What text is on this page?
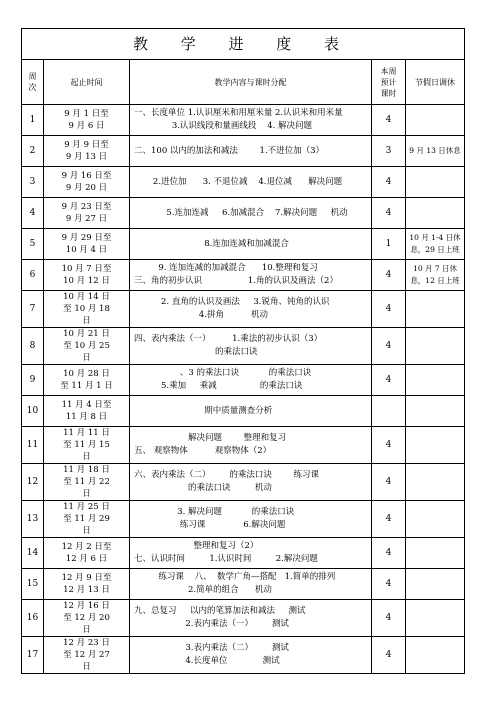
教 学 进 度 表				

周
次	起止时间	教学内容与课时分配	本周
预计
课时	节假日调休
1	9 月 1 日至
9 月 6 日	一、长度单位 1.认识厘米和用厘米量 2.认识米和用米量
3.认识线段和量画线段    4. 解决问题	4	
2	9 月 9 日至
9 月 13 日	二、100 以内的加法和减法        1.不进位加（3）	3	9 月 13 日休息

3	9 月 16 日至
9 月 20 日	2.进位加      3. 不退位减    4.退位减      解决问题	4	
4	9 月 23 日至
9 月 27 日	5.连加连减     6.加减混合    7.解决问题     机动	4	
5	9 月 29 日至
10 月 4 日	8.连加连减和加减混合	1	10 月 1-4 日休
息，29 日上班

6	10 月 7 日至
10 月 12 日	9. 连加连减的加减混合      10.整理和复习
三、角的初步认识                 1.角的认识及画法（2）	4	10 月 7 日休
息，12 日上班

7	10 月 14 日
至 10 月 18
日	2. 直角的认识及画法     3.锐角、钝角的认识
4.拼角          机动	4	
8	10 月 21 日
至 10 月 25
日	四、表内乘法（一）        1.乘法的初步认识（3）
的乘法口诀	4	
9	10 月 28 日
至 11 月 1 日	、3 的乘法口诀           的乘法口诀
5.乘加     乘减                的乘法口诀	4	
10	11 月 4 日至
11 月 8 日	期中质量测查分析		

11	11 月 11 日
至 11 月 15
日	解决问题        整理和复习
五、 观察物体          观察物体（2）	4	
12	11 月 18 日
至 11 月 22
日	六、表内乘法（二）       的乘法口诀        练习课
的乘法口诀         机动	4	
13	11 月 25 日
至 11 月 29
日	3. 解决问题           的乘法口诀
练习课              6.解决问题	4	
14	12 月 2 日至
12 月 6 日	整理和复习（2）
七、认识时间         1.认识时间         2.解决问题	4	
15	12 月 9 日至
12 月 13 日	练习课    八、  数学广角—搭配   1.简单的排列
2.简单的组合      机动	4	
16	12 月 16 日
至 12 月 20
日	九、总复习     以内的笔算加法和减法     测试
2.表内乘法（一）       测试	4	
17	12 月 23 日
至 12 月 27
日	3.表内乘法（二）       测试
4.长度单位             测试	4	
